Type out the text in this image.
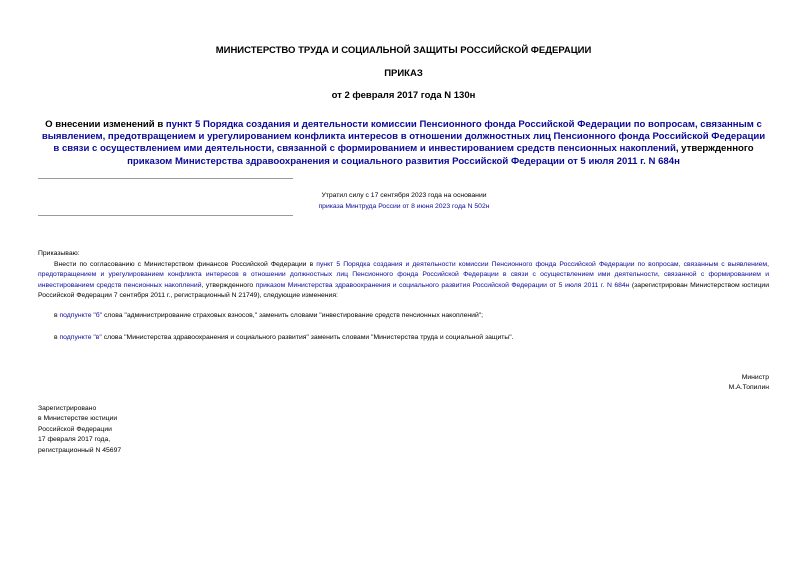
МИНИСТЕРСТВО ТРУДА И СОЦИАЛЬНОЙ ЗАЩИТЫ РОССИЙСКОЙ ФЕДЕРАЦИИ
ПРИКАЗ
от 2 февраля 2017 года N 130н
О внесении изменений в пункт 5 Порядка создания и деятельности комиссии Пенсионного фонда Российской Федерации по вопросам, связанным с выявлением, предотвращением и урегулированием конфликта интересов в отношении должностных лиц Пенсионного фонда Российской Федерации в связи с осуществлением ими деятельности, связанной с формированием и инвестированием средств пенсионных накоплений, утвержденного приказом Министерства здравоохранения и социального развития Российской Федерации от 5 июля 2011 г. N 684н
Утратил силу с 17 сентября 2023 года на основании
приказа Минтруда России от 8 июня 2023 года N 502н
Приказываю:
Внести по согласованию с Министерством финансов Российской Федерации в пункт 5 Порядка создания и деятельности комиссии Пенсионного фонда Российской Федерации по вопросам, связанным с выявлением, предотвращением и урегулированием конфликта интересов в отношении должностных лиц Пенсионного фонда Российской Федерации в связи с осуществлением ими деятельности, связанной с формированием и инвестированием средств пенсионных накоплений, утвержденного приказом Министерства здравоохранения и социального развития Российской Федерации от 5 июля 2011 г. N 684н (зарегистрирован Министерством юстиции Российской Федерации 7 сентября 2011 г., регистрационный N 21749), следующие изменения:
в подпункте "б" слова "администрирование страховых взносов," заменить словами "инвестирование средств пенсионных накоплений";
в подпункте "в" слова "Министерства здравоохранения и социального развития" заменить словами "Министерства труда и социальной защиты".
Министр
М.А.Топилин
Зарегистрировано
в Министерстве юстиции
Российской Федерации
17 февраля 2017 года,
регистрационный N 45697
